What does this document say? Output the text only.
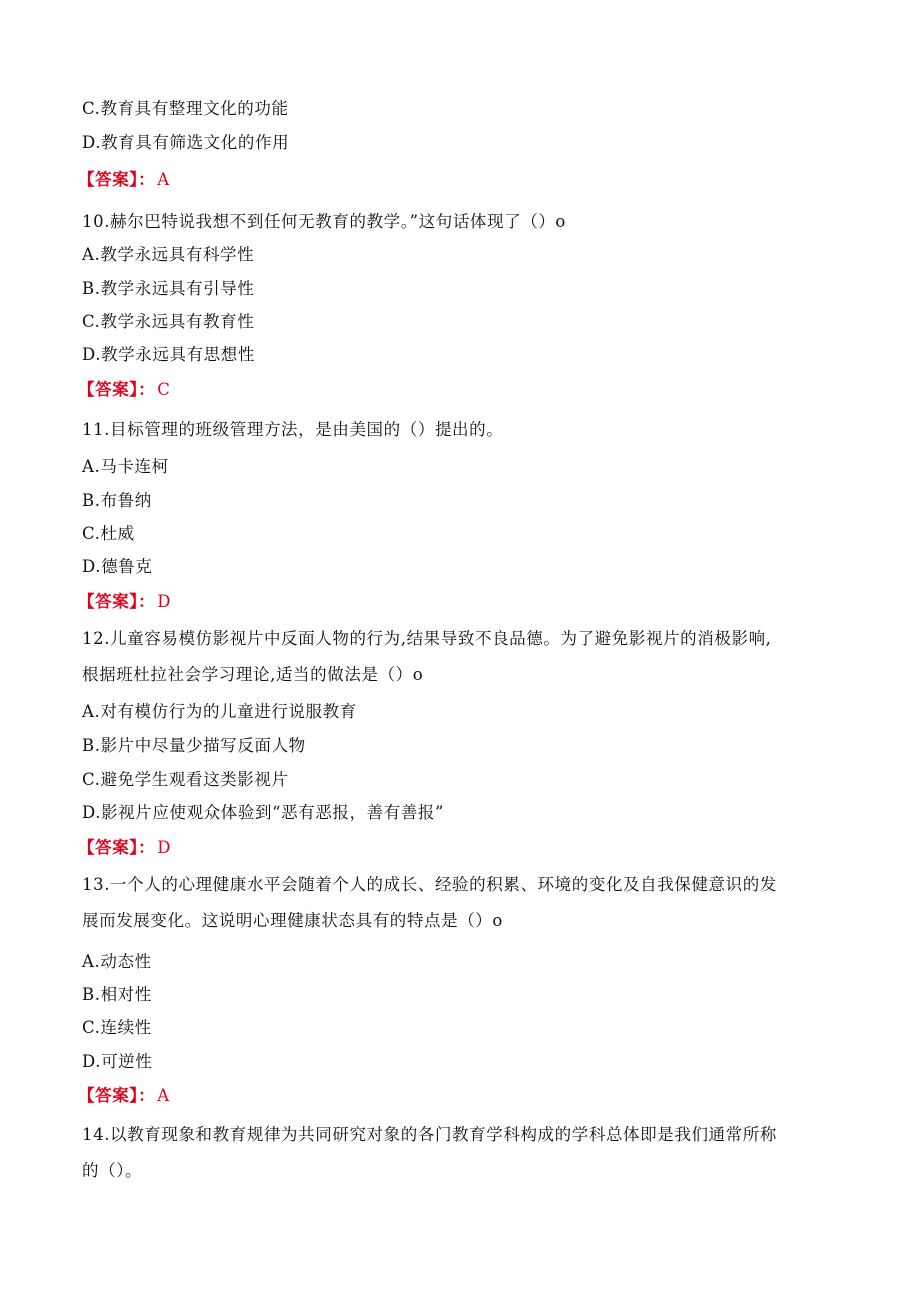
C.教育具有整理文化的功能
D.教育具有筛选文化的作用
【答案】： A
10.赫尔巴特说我想不到任何无教育的教学。”这句话体现了（）o
A.教学永远具有科学性
B.教学永远具有引导性
C.教学永远具有教育性
D.教学永远具有思想性
【答案】： C
11.目标管理的班级管理方法，是由美国的（）提出的。
A.马卡连柯
B.布鲁纳
C.杜威
D.德鲁克
【答案】： D
12.儿童容易模仿影视片中反面人物的行为,结果导致不良品德。为了避免影视片的消极影响,
根据班杜拉社会学习理论,适当的做法是（）o
A.对有模仿行为的儿童进行说服教育
B.影片中尽量少描写反面人物
C.避免学生观看这类影视片
D.影视片应使观众体验到“恶有恶报，善有善报”
【答案】： D
13.一个人的心理健康水平会随着个人的成长、经验的积累、环境的变化及自我保健意识的发
展而发展变化。这说明心理健康状态具有的特点是（）o
A.动态性
B.相对性
C.连续性
D.可逆性
【答案】： A
14.以教育现象和教育规律为共同研究对象的各门教育学科构成的学科总体即是我们通常所称
的（）。
